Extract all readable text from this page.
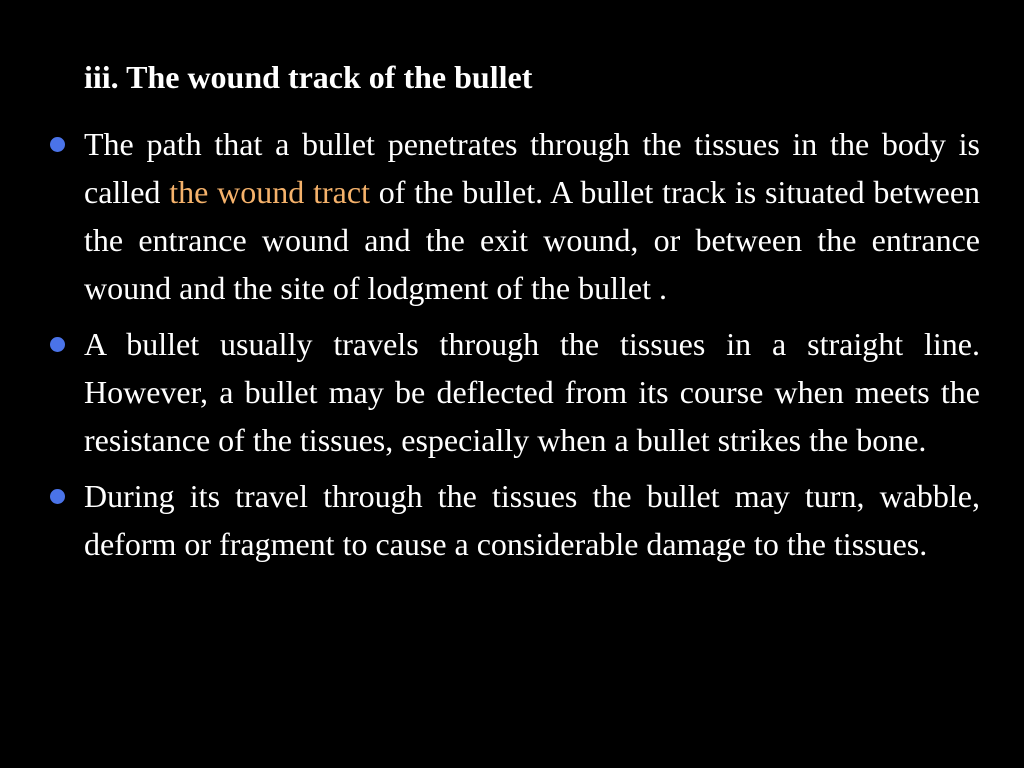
iii. The wound track of the bullet
The path that a bullet penetrates through the tissues in the body is called the wound tract of the bullet. A bullet track is situated between the entrance wound and the exit wound, or between the entrance wound and the site of lodgment of the bullet .
A bullet usually travels through the tissues in a straight line. However, a bullet may be deflected from its course when meets the resistance of the tissues, especially when a bullet strikes the bone.
During its travel through the tissues the bullet may turn, wabble, deform or fragment to cause a considerable damage to the tissues.
